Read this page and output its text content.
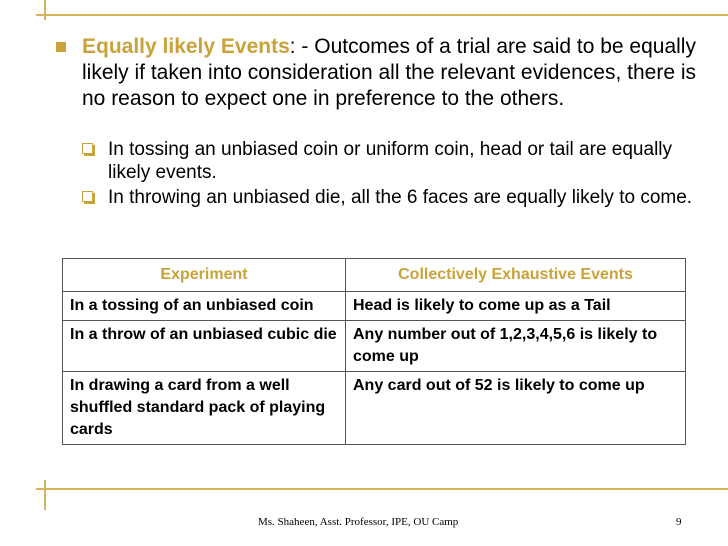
Equally likely Events: - Outcomes of a trial are said to be equally likely if taken into consideration all the relevant evidences, there is no reason to expect one in preference to the others.
In tossing an unbiased coin or uniform coin, head or tail are equally likely events.
In throwing an unbiased die, all the 6 faces are equally likely to come.
Experiment	Collectively Exhaustive Events
In a tossing of an unbiased coin	Head is likely to come up as a Tail
In a throw of an unbiased cubic die	Any number out of 1,2,3,4,5,6 is likely to come up
In drawing a card from a well shuffled standard pack of playing cards	Any card out of 52 is likely to come up
Ms. Shaheen, Asst. Professor, IPE, OU Camp	9
